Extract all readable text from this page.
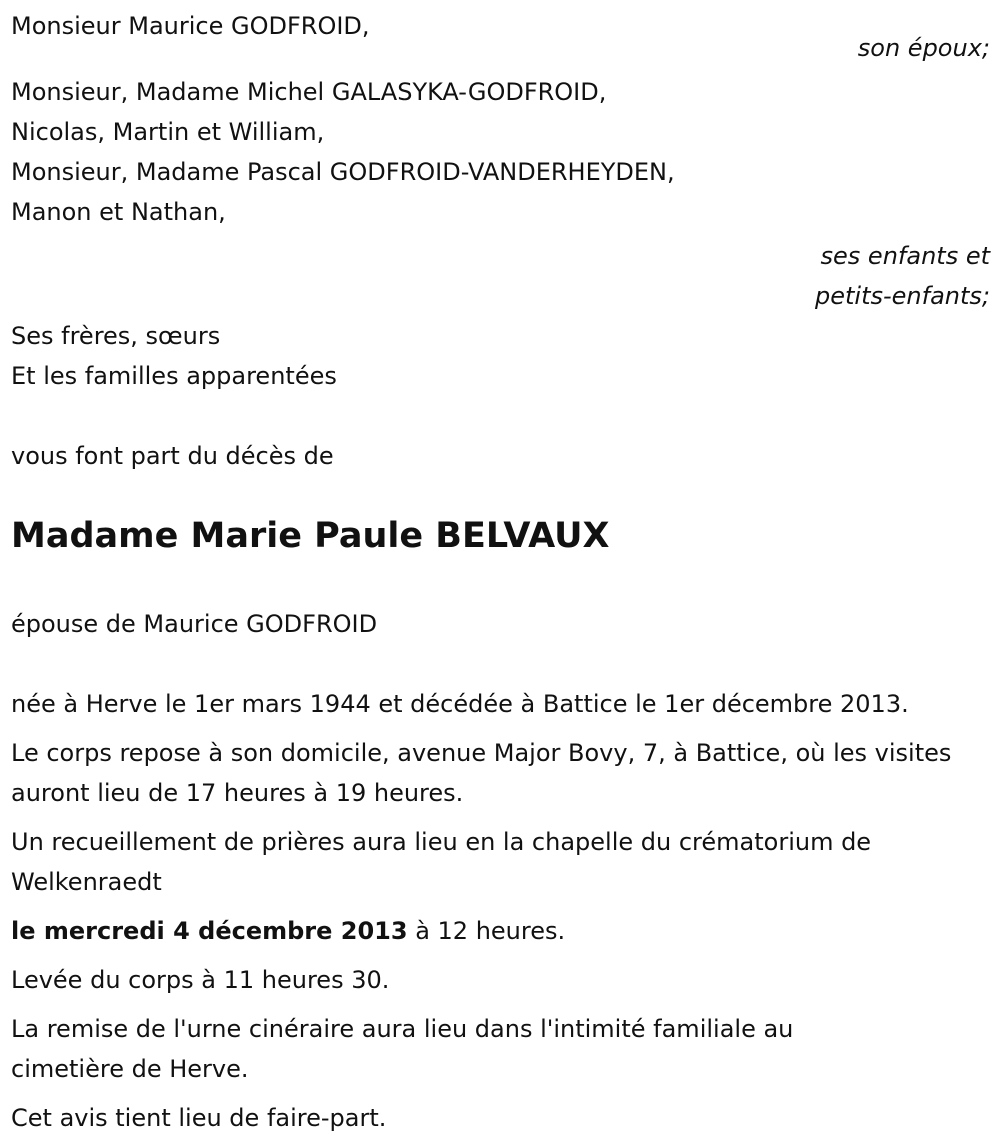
Monsieur Maurice GODFROID,
son époux;
Monsieur, Madame Michel GALASYKA-GODFROID,
Nicolas, Martin et William,
Monsieur, Madame Pascal GODFROID-VANDERHEYDEN,
Manon et Nathan,
ses enfants et
petits-enfants;
Ses frères, sœurs
Et les familles apparentées
vous font part du décès de
Madame Marie Paule BELVAUX
épouse de Maurice GODFROID
née à Herve le 1er mars 1944 et décédée à Battice le 1er décembre 2013.
Le corps repose à son domicile, avenue Major Bovy, 7, à Battice, où les visites auront lieu de 17 heures à 19 heures.
Un recueillement de prières aura lieu en la chapelle du crématorium de Welkenraedt
le mercredi 4 décembre 2013 à 12 heures.
Levée du corps à 11 heures 30.
La remise de l'urne cinéraire aura lieu dans l'intimité familiale au cimetière de Herve.
Cet avis tient lieu de faire-part.
